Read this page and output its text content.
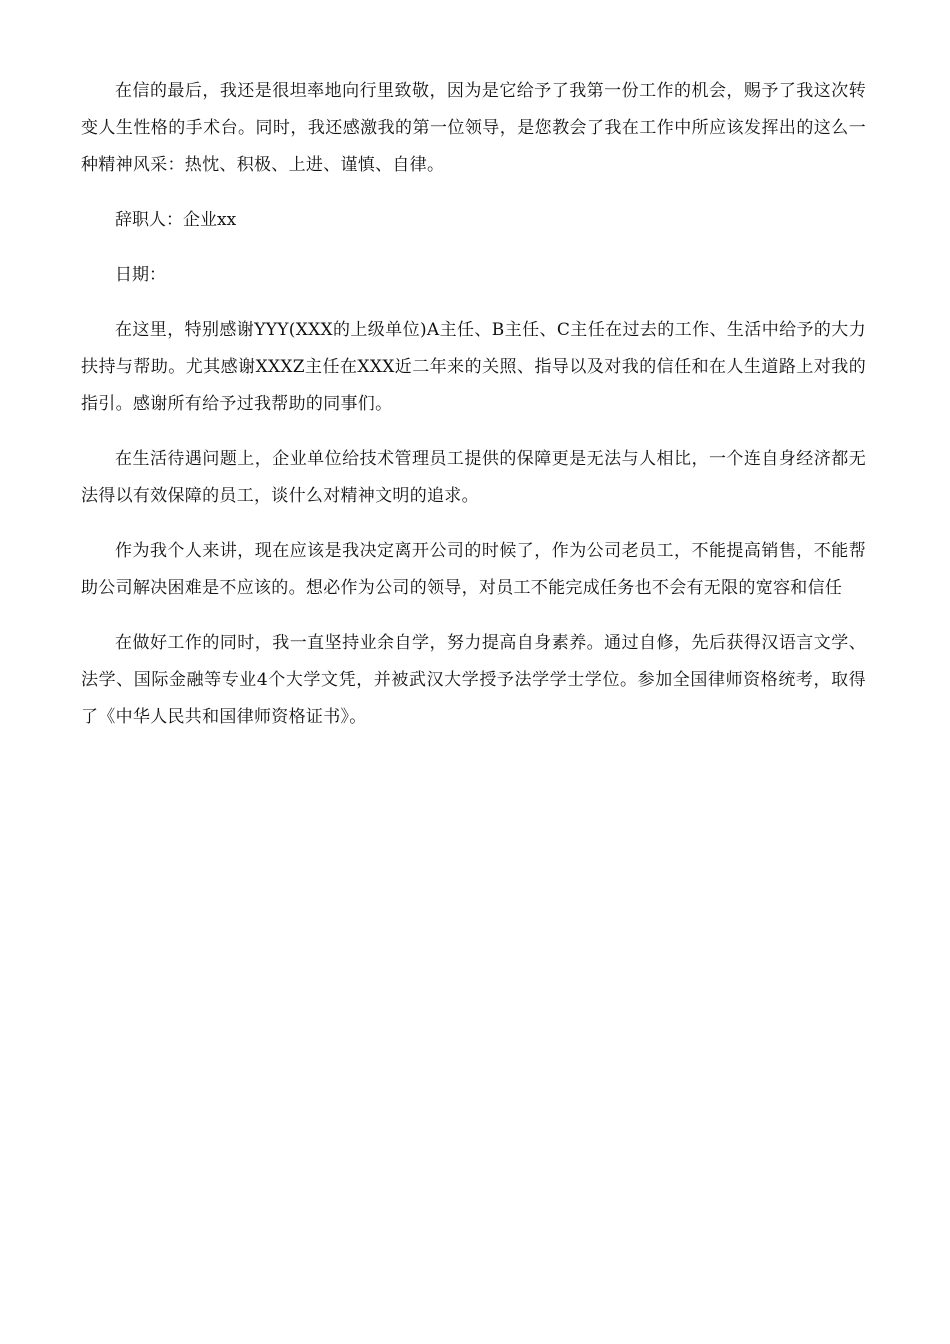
在信的最后，我还是很坦率地向行里致敬，因为是它给予了我第一份工作的机会，赐予了我这次转变人生性格的手术台。同时，我还感激我的第一位领导，是您教会了我在工作中所应该发挥出的这么一种精神风采：热忱、积极、上进、谨慎、自律。

辞职人：企业xx

日期：

在这里，特别感谢YYY(XXX的上级单位)A主任、B主任、C主任在过去的工作、生活中给予的大力扶持与帮助。尤其感谢XXXZ主任在XXX近二年来的关照、指导以及对我的信任和在人生道路上对我的指引。感谢所有给予过我帮助的同事们。

在生活待遇问题上，企业单位给技术管理员工提供的保障更是无法与人相比，一个连自身经济都无法得以有效保障的员工，谈什么对精神文明的追求。

作为我个人来讲，现在应该是我决定离开公司的时候了，作为公司老员工，不能提高销售，不能帮助公司解决困难是不应该的。想必作为公司的领导，对员工不能完成任务也不会有无限的宽容和信任

在做好工作的同时，我一直坚持业余自学，努力提高自身素养。通过自修，先后获得汉语言文学、法学、国际金融等专业4个大学文凭，并被武汉大学授予法学学士学位。参加全国律师资格统考，取得了《中华人民共和国律师资格证书》。
